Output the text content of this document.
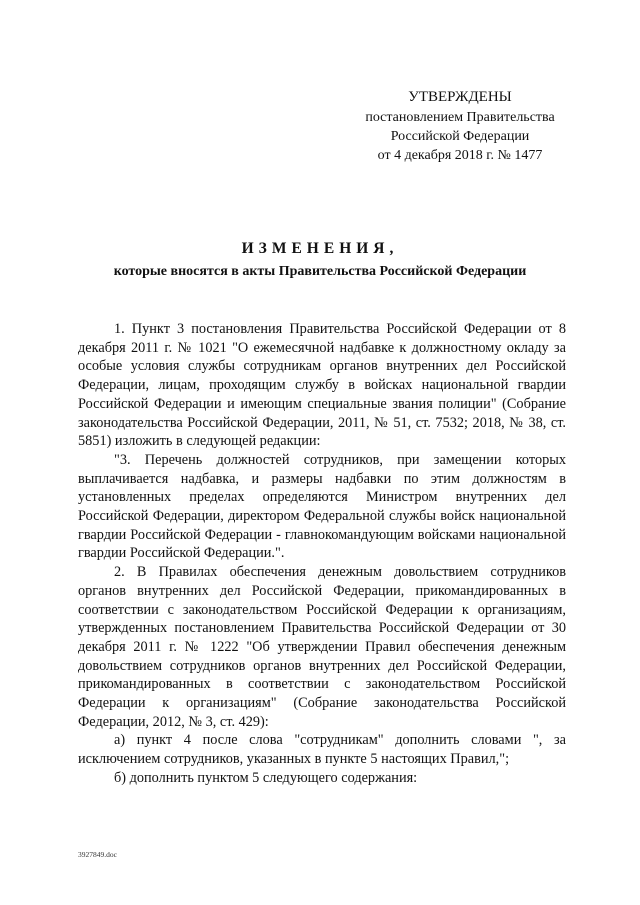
УТВЕРЖДЕНЫ
постановлением Правительства
Российской Федерации
от 4 декабря 2018 г. № 1477
ИЗМЕНЕНИЯ,
которые вносятся в акты Правительства Российской Федерации

1. Пункт 3 постановления Правительства Российской Федерации от 8 декабря 2011 г. № 1021 "О ежемесячной надбавке к должностному окладу за особые условия службы сотрудникам органов внутренних дел Российской Федерации, лицам, проходящим службу в войсках национальной гвардии Российской Федерации и имеющим специальные звания полиции" (Собрание законодательства Российской Федерации, 2011, № 51, ст. 7532; 2018, № 38, ст. 5851) изложить в следующей редакции:

"3. Перечень должностей сотрудников, при замещении которых выплачивается надбавка, и размеры надбавки по этим должностям в установленных пределах определяются Министром внутренних дел Российской Федерации, директором Федеральной службы войск национальной гвардии Российской Федерации - главнокомандующим войсками национальной гвардии Российской Федерации.".

2. В Правилах обеспечения денежным довольствием сотрудников органов внутренних дел Российской Федерации, прикомандированных в соответствии с законодательством Российской Федерации к организациям, утвержденных постановлением Правительства Российской Федерации от 30 декабря 2011 г. № 1222 "Об утверждении Правил обеспечения денежным довольствием сотрудников органов внутренних дел Российской Федерации, прикомандированных в соответствии с законодательством Российской Федерации к организациям" (Собрание законодательства Российской Федерации, 2012, № 3, ст. 429):

а) пункт 4 после слова "сотрудникам" дополнить словами ", за исключением сотрудников, указанных в пункте 5 настоящих Правил,";

б) дополнить пунктом 5 следующего содержания:

3927849.doc
